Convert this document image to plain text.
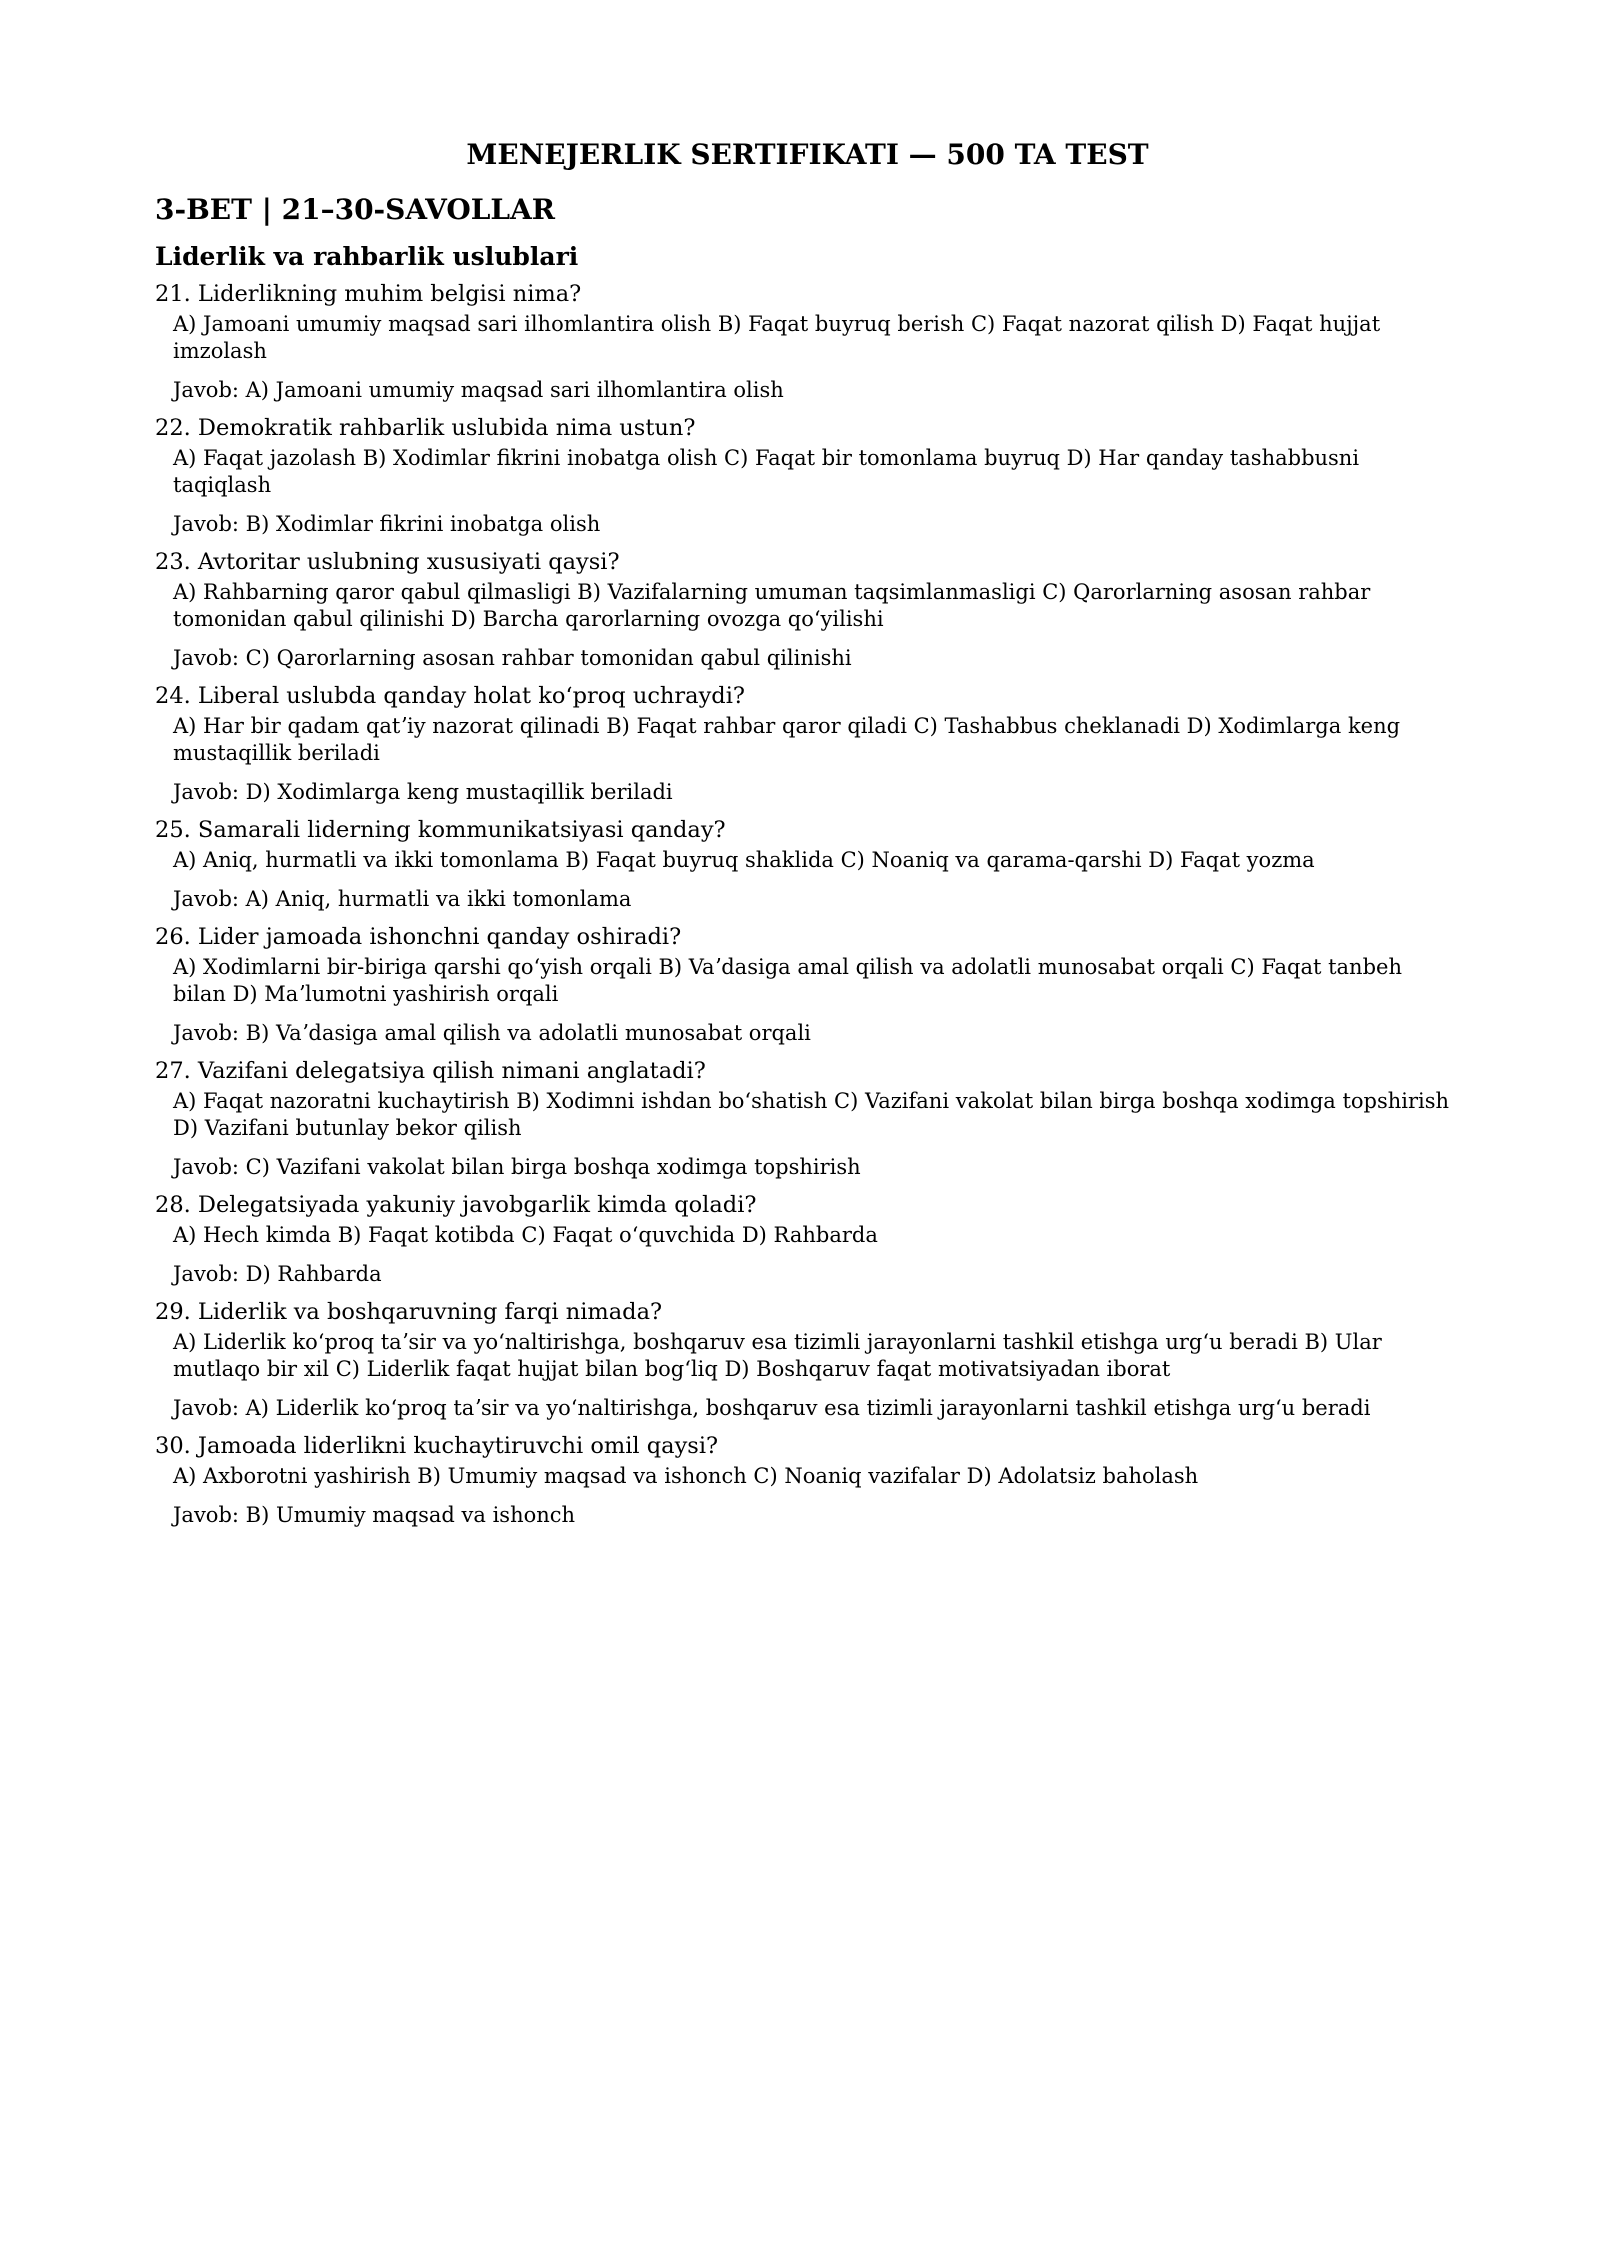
MENEJERLIK SERTIFIKATI — 500 TA TEST
3-BET | 21–30-SAVOLLAR
Liderlik va rahbarlik uslublari

21. Liderlikning muhim belgisi nima?

A) Jamoani umumiy maqsad sari ilhomlantira olish B) Faqat buyruq berish C) Faqat nazorat qilish D) Faqat hujjat imzolash

Javob: A) Jamoani umumiy maqsad sari ilhomlantira olish

22. Demokratik rahbarlik uslubida nima ustun?

A) Faqat jazolash B) Xodimlar fikrini inobatga olish C) Faqat bir tomonlama buyruq D) Har qanday tashabbusni taqiqlash

Javob: B) Xodimlar fikrini inobatga olish

23. Avtoritar uslubning xususiyati qaysi?

A) Rahbarning qaror qabul qilmasligi B) Vazifalarning umuman taqsimlanmasligi C) Qarorlarning asosan rahbar tomonidan qabul qilinishi D) Barcha qarorlarning ovozga qoʻyilishi

Javob: C) Qarorlarning asosan rahbar tomonidan qabul qilinishi

24. Liberal uslubda qanday holat koʻproq uchraydi?

A) Har bir qadam qatʼiy nazorat qilinadi B) Faqat rahbar qaror qiladi C) Tashabbus cheklanadi D) Xodimlarga keng mustaqillik beriladi

Javob: D) Xodimlarga keng mustaqillik beriladi

25. Samarali liderning kommunikatsiyasi qanday?

A) Aniq, hurmatli va ikki tomonlama B) Faqat buyruq shaklida C) Noaniq va qarama-qarshi D) Faqat yozma

Javob: A) Aniq, hurmatli va ikki tomonlama

26. Lider jamoada ishonchni qanday oshiradi?

A) Xodimlarni bir-biriga qarshi qoʻyish orqali B) Vaʼdasiga amal qilish va adolatli munosabat orqali C) Faqat tanbeh bilan D) Maʼlumotni yashirish orqali

Javob: B) Vaʼdasiga amal qilish va adolatli munosabat orqali

27. Vazifani delegatsiya qilish nimani anglatadi?

A) Faqat nazoratni kuchaytirish B) Xodimni ishdan boʻshatish C) Vazifani vakolat bilan birga boshqa xodimga topshirish D) Vazifani butunlay bekor qilish

Javob: C) Vazifani vakolat bilan birga boshqa xodimga topshirish

28. Delegatsiyada yakuniy javobgarlik kimda qoladi?

A) Hech kimda B) Faqat kotibda C) Faqat oʻquvchida D) Rahbarda

Javob: D) Rahbarda

29. Liderlik va boshqaruvning farqi nimada?

A) Liderlik koʻproq taʼsir va yoʻnaltirishga, boshqaruv esa tizimli jarayonlarni tashkil etishga urgʻu beradi B) Ular mutlaqo bir xil C) Liderlik faqat hujjat bilan bogʻliq D) Boshqaruv faqat motivatsiyadan iborat

Javob: A) Liderlik koʻproq taʼsir va yoʻnaltirishga, boshqaruv esa tizimli jarayonlarni tashkil etishga urgʻu beradi

30. Jamoada liderlikni kuchaytiruvchi omil qaysi?

A) Axborotni yashirish B) Umumiy maqsad va ishonch C) Noaniq vazifalar D) Adolatsiz baholash

Javob: B) Umumiy maqsad va ishonch
